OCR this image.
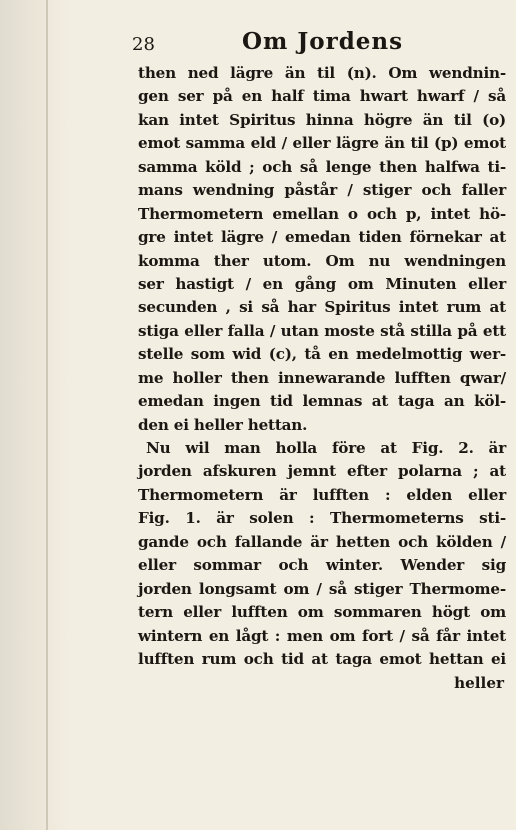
28	Om Jordens
then ned lägre än til (n). Om wendnin-
gen ser på en half tima hwart hwarf / så
kan intet Spiritus hinna högre än til (o)
emot samma eld / eller lägre än til (p) emot
samma köld ; och så lenge then halfwa ti-
mans wendning påstår / stiger och faller
Thermometern emellan o och p, intet hö-
gre intet lägre / emedan tiden förnekar at
komma ther utom. Om nu wendningen
ser hastigt / en gång om Minuten eller
secunden , si så har Spiritus intet rum at
stiga eller falla / utan moste stå stilla på ett
stelle som wid (c), tå en medelmottig wer-
me holler then innewarande lufften qwar/
emedan ingen tid lemnas at taga an köl-
den ei heller hettan.
Nu wil man holla före at Fig. 2. är
jorden afskuren jemnt efter polarna ; at
Thermometern är lufften : elden eller
Fig. 1. är solen : Thermometerns sti-
gande och fallande är hetten och kölden /
eller sommar och winter. Wender sig
jorden longsamt om / så stiger Thermome-
tern eller lufften om sommaren högt om
wintern en lågt : men om fort / så får intet
lufften rum och tid at taga emot hettan ei
heller
